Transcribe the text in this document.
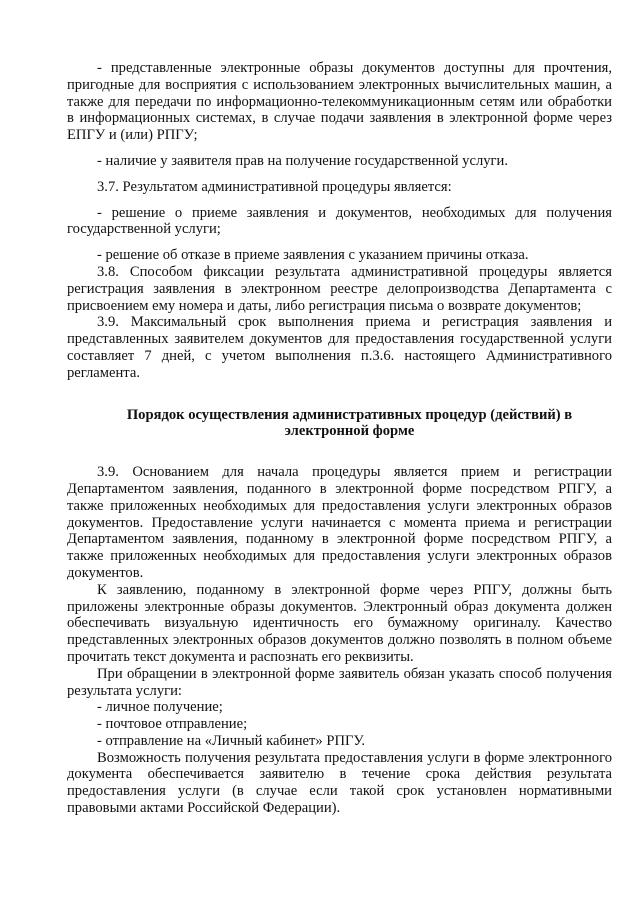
- представленные электронные образы документов доступны для прочтения, пригодные для восприятия с использованием электронных вычислительных машин, а также для передачи по информационно-телекоммуникационным сетям или обработки в информационных системах, в случае подачи заявления в электронной форме через ЕПГУ и (или) РПГУ;

- наличие у заявителя прав на получение государственной услуги.

3.7. Результатом административной процедуры является:

- решение о приеме заявления и документов, необходимых для получения государственной услуги;

- решение об отказе в приеме заявления с указанием причины отказа.

3.8. Способом фиксации результата административной процедуры является регистрация заявления в электронном реестре делопроизводства Департамента с присвоением ему номера и даты, либо регистрация письма о возврате документов;

3.9. Максимальный срок выполнения приема и регистрация заявления и представленных заявителем документов для предоставления государственной услуги составляет 7 дней, с учетом выполнения п.3.6. настоящего Административного регламента.

Порядок осуществления административных процедур (действий) в электронной форме

3.9. Основанием для начала процедуры является прием и регистрации Департаментом заявления, поданного в электронной форме посредством РПГУ, а также приложенных необходимых для предоставления услуги электронных образов документов. Предоставление услуги начинается с момента приема и регистрации Департаментом заявления, поданному в электронной форме посредством РПГУ, а также приложенных необходимых для предоставления услуги электронных образов документов.

К заявлению, поданному в электронной форме через РПГУ, должны быть приложены электронные образы документов. Электронный образ документа должен обеспечивать визуальную идентичность его бумажному оригиналу. Качество представленных электронных образов документов должно позволять в полном объеме прочитать текст документа и распознать его реквизиты.

При обращении в электронной форме заявитель обязан указать способ получения результата услуги:

- личное получение;

- почтовое отправление;

- отправление на «Личный кабинет» РПГУ.

Возможность получения результата предоставления услуги в форме электронного документа обеспечивается заявителю в течение срока действия результата предоставления услуги (в случае если такой срок установлен нормативными правовыми актами Российской Федерации).
